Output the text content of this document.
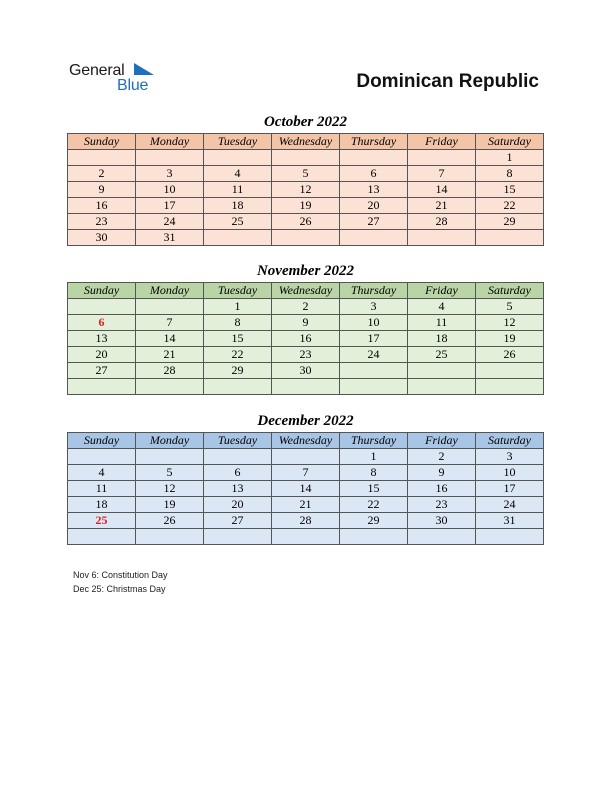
General
Blue	Dominican Republic
October 2022
Sunday	Monday	Tuesday	Wednesday	Thursday	Friday	Saturday
						1
2	3	4	5	6	7	8
9	10	11	12	13	14	15
16	17	18	19	20	21	22
23	24	25	26	27	28	29
30	31					
November 2022
Sunday	Monday	Tuesday	Wednesday	Thursday	Friday	Saturday
		1	2	3	4	5
6	7	8	9	10	11	12
13	14	15	16	17	18	19
20	21	22	23	24	25	26
27	28	29	30			

December 2022
Sunday	Monday	Tuesday	Wednesday	Thursday	Friday	Saturday
				1	2	3
4	5	6	7	8	9	10
11	12	13	14	15	16	17
18	19	20	21	22	23	24
25	26	27	28	29	30	31

Nov 6: Constitution Day
Dec 25: Christmas Day
